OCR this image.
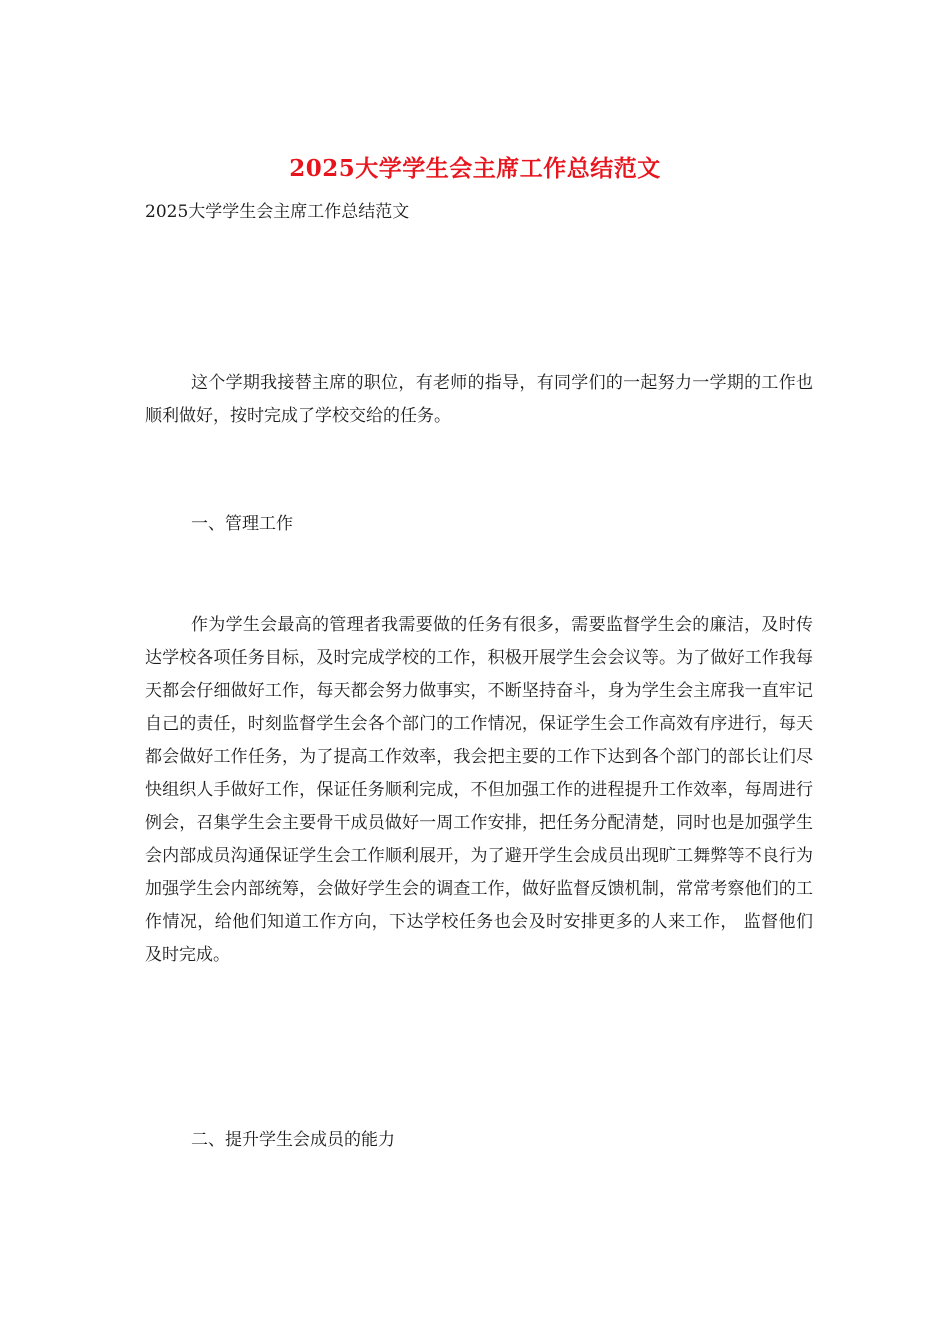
2025大学学生会主席工作总结范文

2025大学学生会主席工作总结范文

这个学期我接替主席的职位，有老师的指导，有同学们的一起努力一学期的工作也顺利做好，按时完成了学校交给的任务。

一、管理工作

作为学生会最高的管理者我需要做的任务有很多，需要监督学生会的廉洁，及时传达学校各项任务目标，及时完成学校的工作，积极开展学生会会议等。为了做好工作我每天都会仔细做好工作，每天都会努力做事实，不断坚持奋斗，身为学生会主席我一直牢记自己的责任，时刻监督学生会各个部门的工作情况，保证学生会工作高效有序进行，每天都会做好工作任务，为了提高工作效率，我会把主要的工作下达到各个部门的部长让们尽快组织人手做好工作，保证任务顺利完成，不但加强工作的进程提升工作效率，每周进行例会，召集学生会主要骨干成员做好一周工作安排，把任务分配清楚，同时也是加强学生会内部成员沟通保证学生会工作顺利展开，为了避开学生会成员出现旷工舞弊等不良行为加强学生会内部统筹，会做好学生会的调查工作，做好监督反馈机制，常常考察他们的工作情况，给他们知道工作方向，下达学校任务也会及时安排更多的人来工作， 监督他们及时完成。

二、提升学生会成员的能力
